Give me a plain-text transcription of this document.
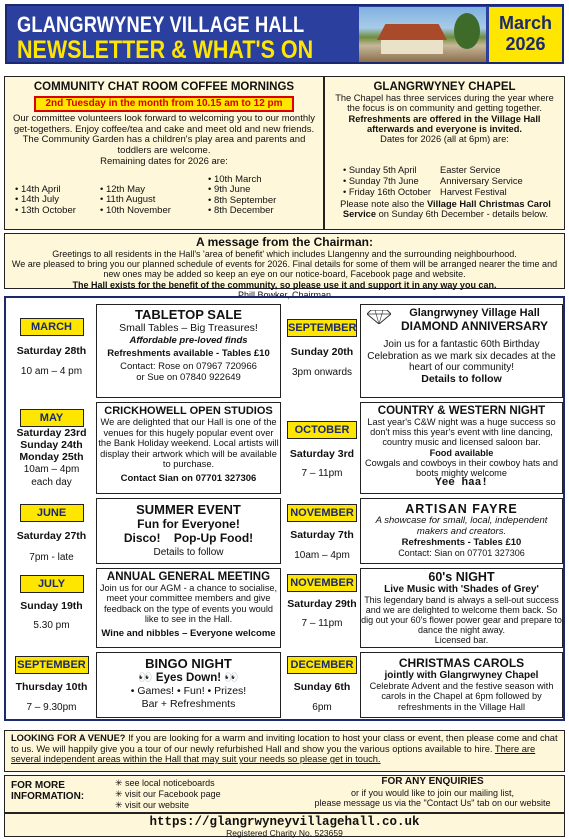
GLANGRWYNEY VILLAGE HALL
NEWSLETTER & WHAT'S ON
March
2026
COMMUNITY CHAT ROOM COFFEE MORNINGS
2nd Tuesday in the month from 10.15 am to 12 pm

Our committee volunteers look forward to welcoming you to our monthly get-togethers. Enjoy coffee/tea and cake and meet old and new friends. The Community Garden has a children's play area and parents and toddlers are welcome.

Remaining dates for 2026 are:

• 14th April
• 14th July
• 13th October
• 12th May
• 11th August
• 10th November
• 10th March
• 9th June
• 8th September
• 8th December
GLANGRWYNEY CHAPEL

The Chapel has three services during the year where the focus is on community and getting together.

Refreshments are offered in the Village Hall afterwards and everyone is invited.

Dates for 2026 (all at 6pm) are:

• Sunday 5th April	Easter Service
• Sunday 7th June Anniversary Service
• Friday 16th October Harvest Festival

Please note also the Village Hall Christmas Carol Service on Sunday 6th December - details below.

A message from the Chairman:

Greetings to all residents in the Hall's 'area of benefit' which includes Llangenny and the surrounding neighbourhood.

We are pleased to bring you our planned schedule of events for 2026. Final details for some of them will be arranged nearer the time and new ones may be added so keep an eye on our notice-board, Facebook page and website.

The Hall exists for the benefit of the community, so please use it and support it in any way you can.

Phill Bowker, Chairman

MARCH
Saturday 28th
10 am – 4 pm
TABLETOP SALE

Small Tables – Big Treasures!

Affordable pre-loved finds

Refreshments available - Tables £10

Contact: Rose on 07967 720966

or Sue on 07840 922649

MAY
Saturday 23rd
Sunday 24th
Monday 25th
10am – 4pm
each day
CRICKHOWELL OPEN STUDIOS

We are delighted that our Hall is one of the venues for this hugely popular event over the Bank Holiday weekend. Local artists will display their artwork which will be available to purchase.

Contact Sian on 07701 327306

JUNE
Saturday 27th
7pm - late
SUMMER EVENT

Fun for Everyone!

Disco!    Pop-Up Food!

Details to follow

JULY
Sunday 19th
5.30 pm
ANNUAL GENERAL MEETING

Join us for our AGM - a chance to socialise, meet your committee members and give feedback on the type of events you would like to see in the Hall.

Wine and nibbles – Everyone welcome

SEPTEMBER
Thursday 10th
7 – 9.30pm
BINGO NIGHT

👀 Eyes Down! 👀

• Games! • Fun! • Prizes!

Bar + Refreshments

SEPTEMBER
Sunday 20th
3pm onwards
Glangrwyney Village Hall
DIAMOND ANNIVERSARY

Join us for a fantastic 60th Birthday Celebration as we mark six decades at the heart of our community!

Details to follow

OCTOBER
Saturday 3rd
7 – 11pm
COUNTRY & WESTERN NIGHT

Last year's C&W night was a huge success so don't miss this year's event with line dancing, country music and licensed saloon bar.

Food available

Cowgals and cowboys in their cowboy hats and boots mighty welcome

Yee haa!

NOVEMBER
Saturday 7th
10am – 4pm
ARTISAN FAYRE

A showcase for small, local, independent makers and creators.

Refreshments - Tables £10

Contact: Sian on 07701 327306

NOVEMBER
Saturday 29th
7 – 11pm
60's NIGHT

Live Music with 'Shades of Grey'

This legendary band is always a sell-out success and we are delighted to welcome them back. So dig out your 60's flower power gear and prepare to dance the night away.

Licensed bar.

DECEMBER
Sunday 6th
6pm
CHRISTMAS CAROLS

jointly with Glangrwyney Chapel

Celebrate Advent and the festive season with carols in the Chapel at 6pm followed by refreshments in the Village Hall

LOOKING FOR A VENUE? If you are looking for a warm and inviting location to host your class or event, then please come and chat to us. We will happily give you a tour of our newly refurbished Hall and show you the various options available to hire. There are several independent areas within the Hall that may suit your needs so please get in touch.
FOR MORE
INFORMATION:
✳ see local noticeboards
✳ visit our Facebook page
✳ visit our website
FOR ANY ENQUIRIES
or if you would like to join our mailing list,
please message us via the "Contact Us" tab on our website
https://glangrwyneyvillagehall.co.uk
Registered Charity No. 523659
